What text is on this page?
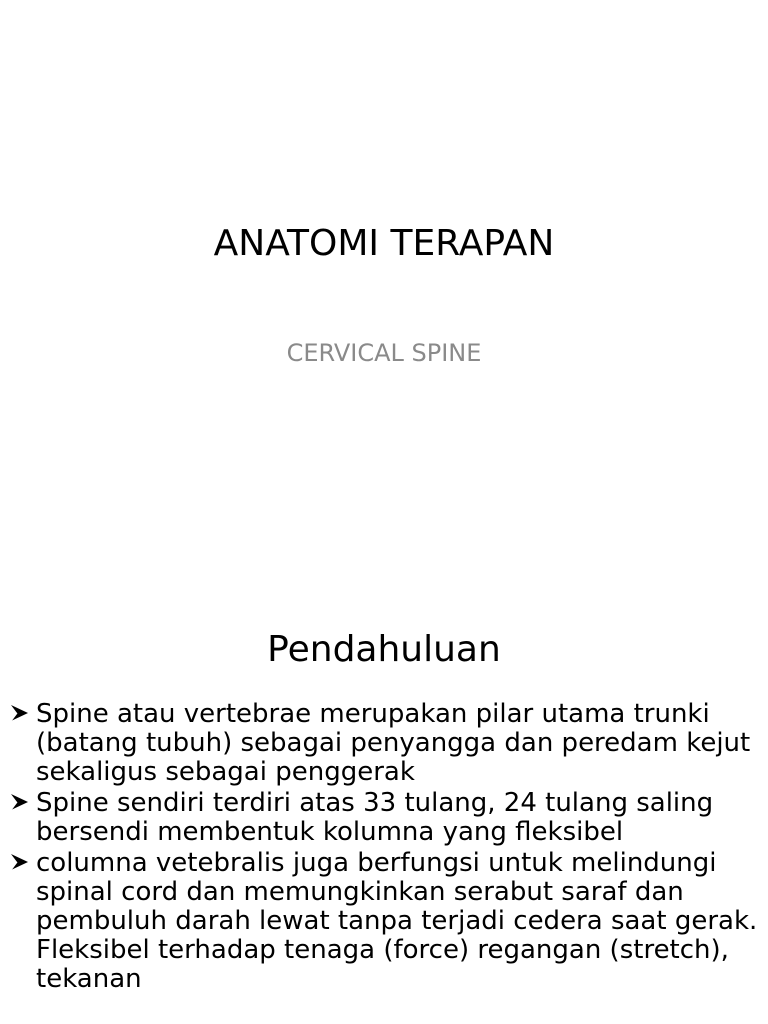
ANATOMI TERAPAN

CERVICAL SPINE

Pendahuluan
Spine atau vertebrae merupakan pilar utama trunki (batang tubuh) sebagai penyangga dan peredam kejut sekaligus sebagai penggerak
Spine sendiri terdiri atas 33 tulang, 24 tulang saling bersendi membentuk kolumna yang fleksibel
columna vetebralis juga berfungsi untuk melindungi spinal cord dan memungkinkan serabut saraf dan pembuluh darah lewat tanpa terjadi cedera saat gerak. Fleksibel terhadap tenaga (force) regangan (stretch), tekanan
